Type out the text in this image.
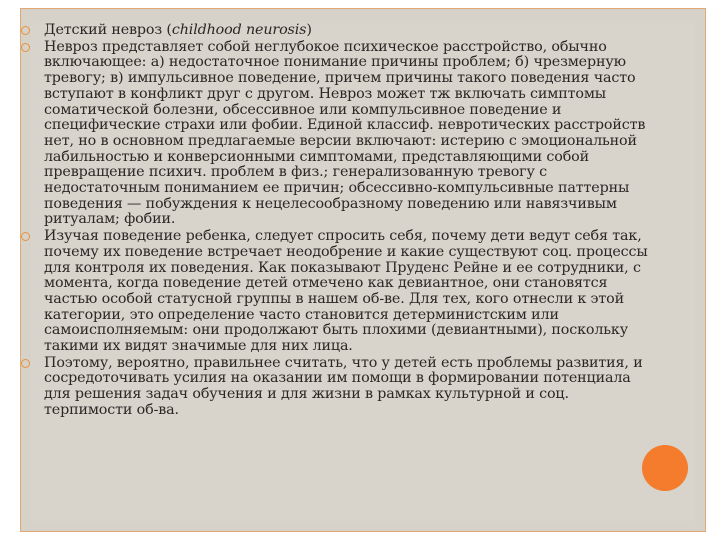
Детский невроз (childhood neurosis)
Невроз представляет собой неглубокое психическое расстройство, обычно включающее: а) недостаточное понимание причины проблем; б) чрезмерную тревогу; в) импульсивное поведение, причем причины такого поведения часто вступают в конфликт друг с другом. Невроз может тж включать симптомы соматической болезни, обсессивное или компульсивное поведение и специфические страхи или фобии. Единой классиф. невротических расстройств нет, но в основном предлагаемые версии включают: истерию с эмоциональной лабильностью и конверсионными симптомами, представляющими собой превращение психич. проблем в физ.; генерализованную тревогу с недостаточным пониманием ее причин; обсессивно-компульсивные паттерны поведения — побуждения к нецелесообразному поведению или навязчивым ритуалам; фобии.
Изучая поведение ребенка, следует спросить себя, почему дети ведут себя так, почему их поведение встречает неодобрение и какие существуют соц. процессы для контроля их поведения. Как показывают Пруденс Рейне и ее сотрудники, с момента, когда поведение детей отмечено как девиантное, они становятся частью особой статусной группы в нашем об-ве. Для тех, кого отнесли к этой категории, это определение часто становится детерминистским или самоисполняемым: они продолжают быть плохими (девиантными), поскольку такими их видят значимые для них лица.
Поэтому, вероятно, правильнее считать, что у детей есть проблемы развития, и сосредоточивать усилия на оказании им помощи в формировании потенциала для решения задач обучения и для жизни в рамках культурной и соц. терпимости об-ва.
